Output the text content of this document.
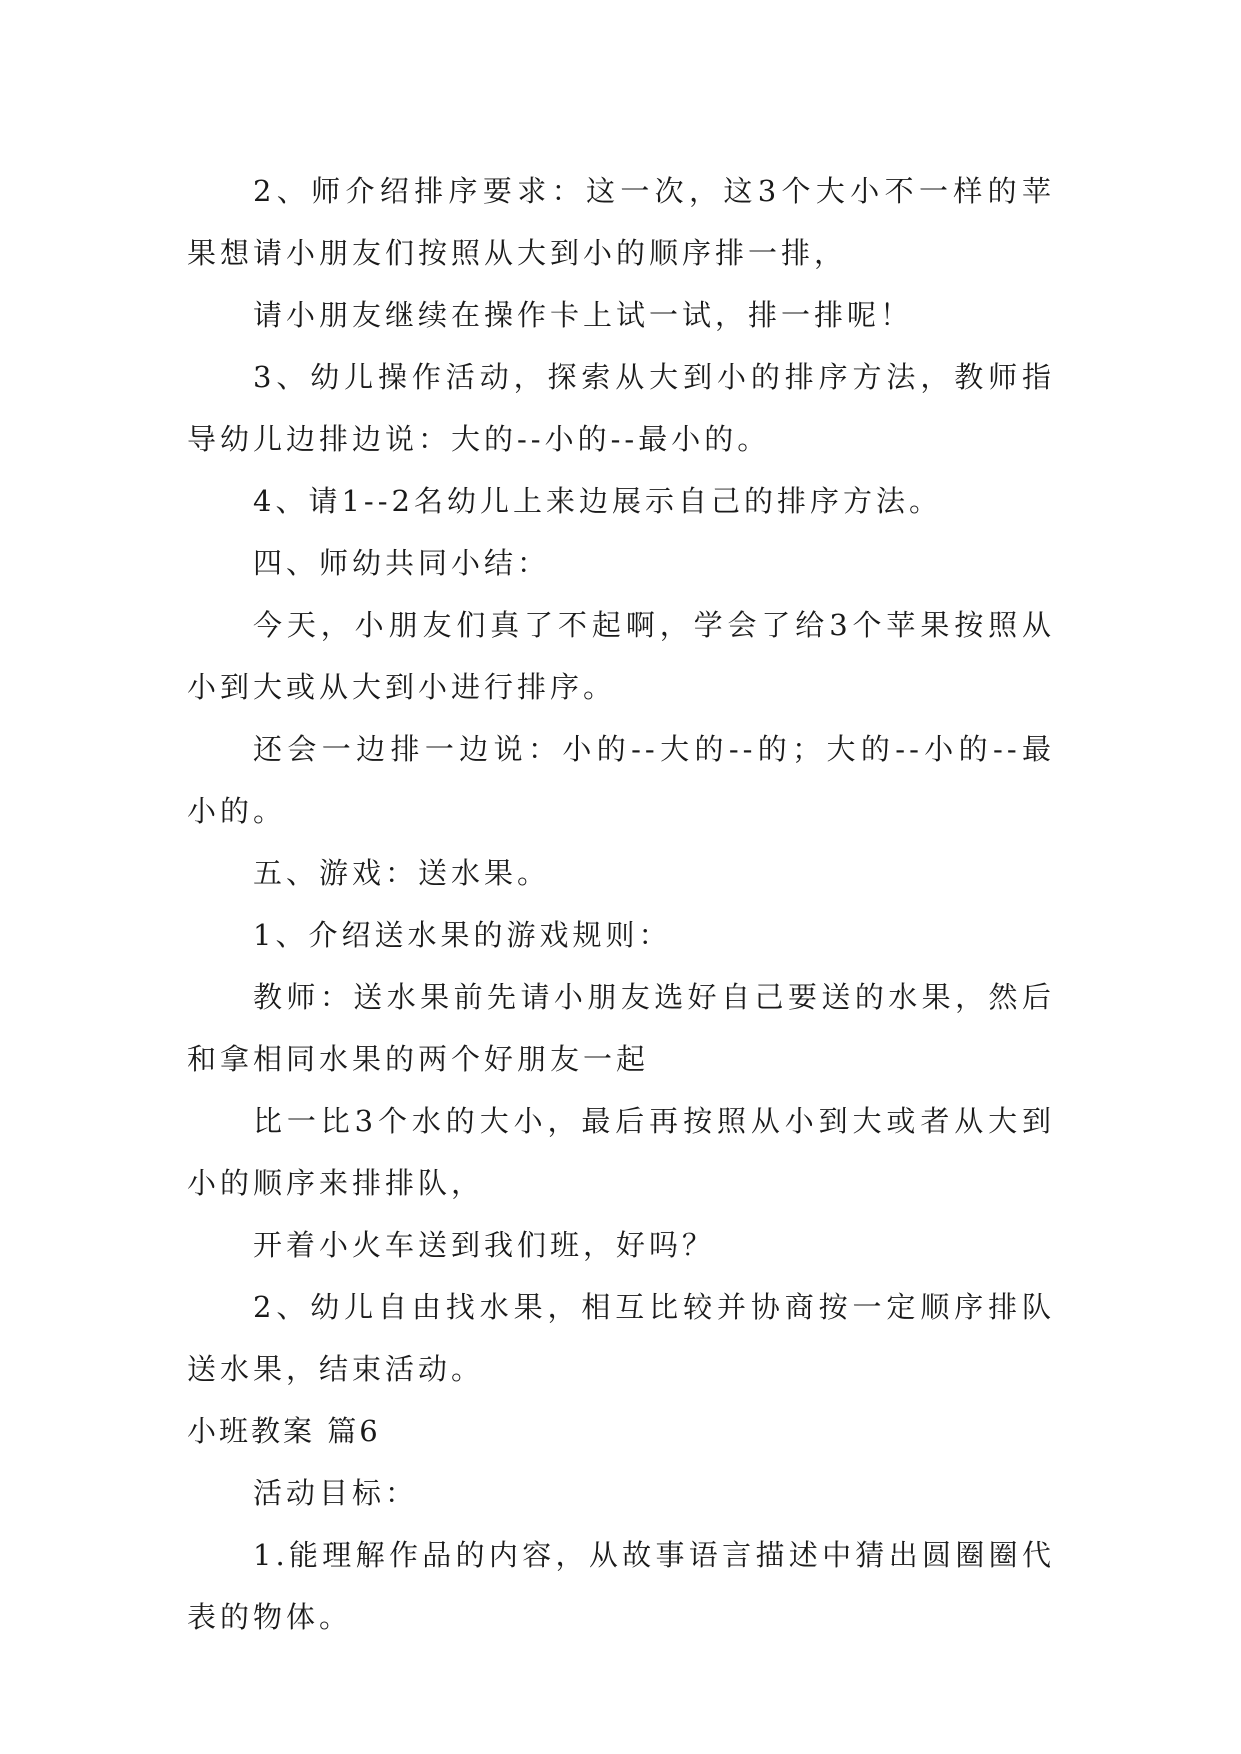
2、师介绍排序要求：这一次，这3个大小不一样的苹果想请小朋友们按照从大到小的顺序排一排，

请小朋友继续在操作卡上试一试，排一排呢！

3、幼儿操作活动，探索从大到小的排序方法，教师指导幼儿边排边说：大的--小的--最小的。

4、请1--2名幼儿上来边展示自己的排序方法。

四、师幼共同小结：

今天，小朋友们真了不起啊，学会了给3个苹果按照从小到大或从大到小进行排序。

还会一边排一边说：小的--大的--的；大的--小的--最小的。

五、游戏：送水果。

1、介绍送水果的游戏规则：

教师：送水果前先请小朋友选好自己要送的水果，然后和拿相同水果的两个好朋友一起

比一比3个水的大小，最后再按照从小到大或者从大到小的顺序来排排队，

开着小火车送到我们班，好吗？

2、幼儿自由找水果，相互比较并协商按一定顺序排队送水果，结束活动。

小班教案 篇6

活动目标：

1.能理解作品的内容，从故事语言描述中猜出圆圈圈代表的物体。
